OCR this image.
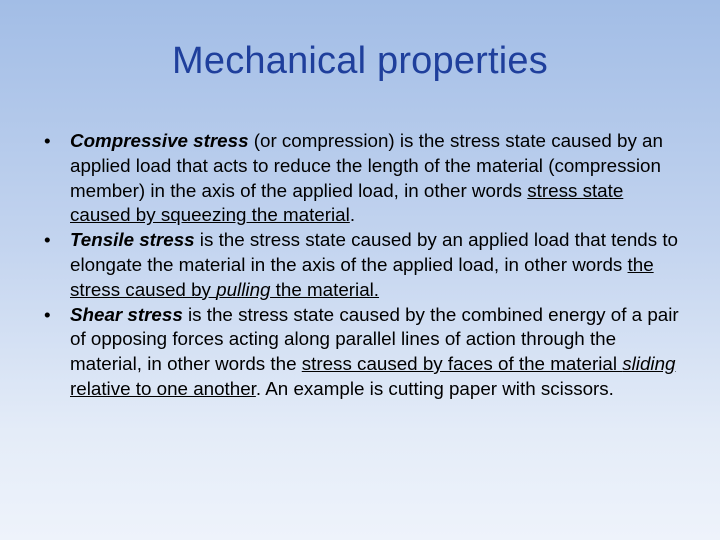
Mechanical properties
• Compressive stress (or compression) is the stress state caused by an applied load that acts to reduce the length of the material (compression member) in the axis of the applied load, in other words stress state caused by squeezing the material.
• Tensile stress is the stress state caused by an applied load that tends to elongate the material in the axis of the applied load, in other words the stress caused by pulling the material.
• Shear stress is the stress state caused by the combined energy of a pair of opposing forces acting along parallel lines of action through the material, in other words the stress caused by faces of the material sliding relative to one another. An example is cutting paper with scissors.
